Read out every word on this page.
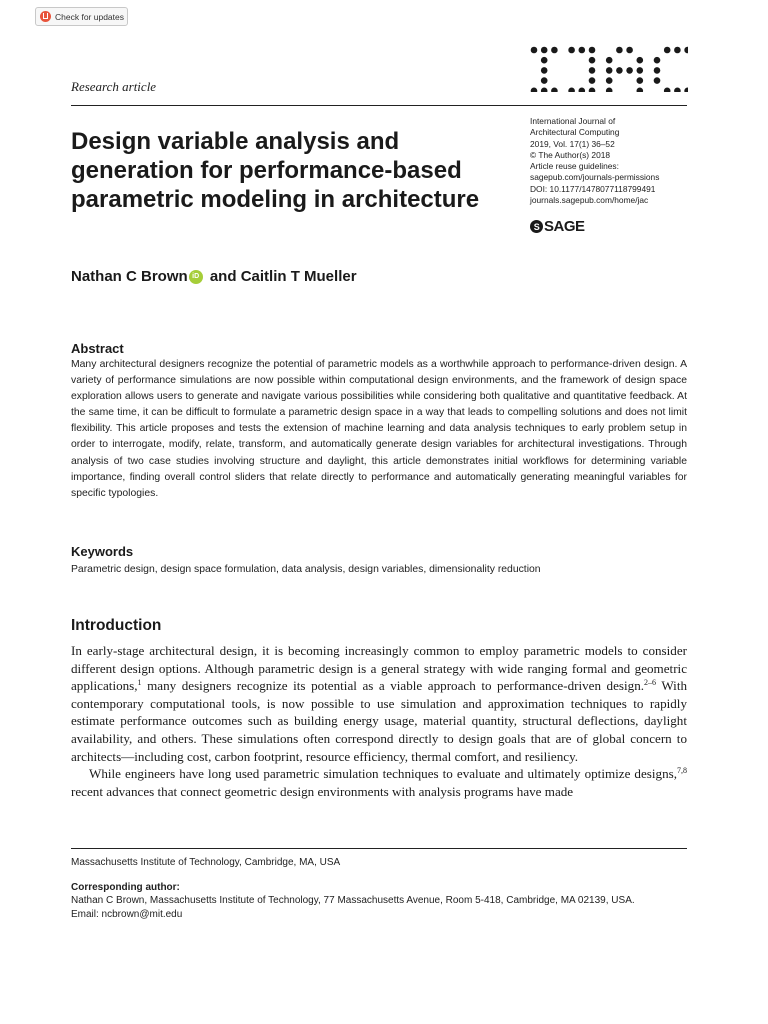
Check for updates
Research article
Design variable analysis and generation for performance-based parametric modeling in architecture
International Journal of
Architectural Computing
2019, Vol. 17(1) 36–52
© The Author(s) 2018
Article reuse guidelines:
sagepub.com/journals-permissions
DOI: 10.1177/1478077118799491
journals.sagepub.com/home/jac
S SAGE
Nathan C Brown iD and Caitlin T Mueller
Abstract

Many architectural designers recognize the potential of parametric models as a worthwhile approach to performance-driven design. A variety of performance simulations are now possible within computational design environments, and the framework of design space exploration allows users to generate and navigate various possibilities while considering both qualitative and quantitative feedback. At the same time, it can be difficult to formulate a parametric design space in a way that leads to compelling solutions and does not limit flexibility. This article proposes and tests the extension of machine learning and data analysis techniques to early problem setup in order to interrogate, modify, relate, transform, and automatically generate design variables for architectural investigations. Through analysis of two case studies involving structure and daylight, this article demonstrates initial workflows for determining variable importance, finding overall control sliders that relate directly to performance and automatically generating meaningful variables for specific typologies.

Keywords
Parametric design, design space formulation, data analysis, design variables, dimensionality reduction
Introduction

In early-stage architectural design, it is becoming increasingly common to employ parametric models to consider different design options. Although parametric design is a general strategy with wide ranging formal and geometric applications,$^1$ many designers recognize its potential as a viable approach to performance-driven design.$^{2-6}$ With contemporary computational tools, is now possible to use simulation and approximation techniques to rapidly estimate performance outcomes such as building energy usage, material quantity, structural deflections, daylight availability, and others. These simulations often correspond directly to design goals that are of global concern to architects—including cost, carbon footprint, resource efficiency, thermal comfort, and resiliency.

While engineers have long used parametric simulation techniques to evaluate and ultimately optimize designs,$^{7,8}$ recent advances that connect geometric design environments with analysis programs have made

Massachusetts Institute of Technology, Cambridge, MA, USA
Corresponding author:
Nathan C Brown, Massachusetts Institute of Technology, 77 Massachusetts Avenue, Room 5-418, Cambridge, MA 02139, USA.
Email: ncbrown@mit.edu
